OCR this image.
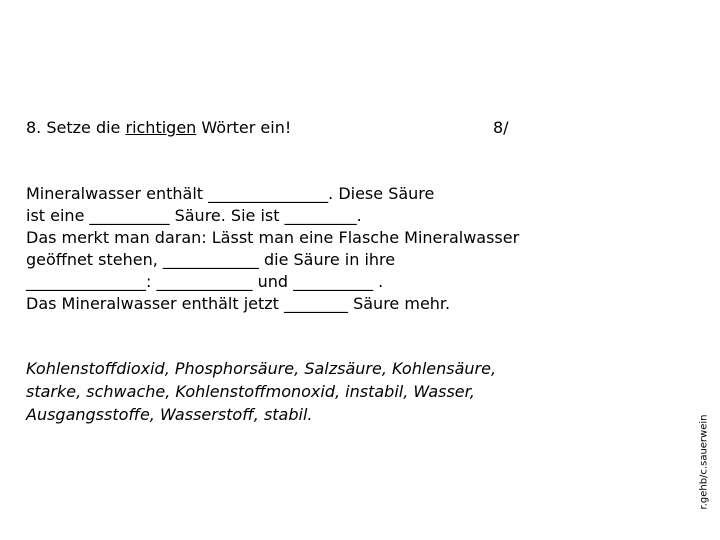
8. Setze die richtigen Wörter ein!	8/
Mineralwasser enthält _______________. Diese Säure
ist eine __________ Säure. Sie ist _________.
Das merkt man daran: Lässt man eine Flasche Mineralwasser
geöffnet stehen, ____________ die Säure in ihre
_______________: ____________ und __________ .
Das Mineralwasser enthält jetzt ________ Säure mehr.
Kohlenstoffdioxid, Phosphorsäure, Salzsäure, Kohlensäure,
starke, schwache, Kohlenstoffmonoxid, instabil, Wasser,
Ausgangsstoffe, Wasserstoff, stabil.	r.gehb/c.sauerwein
